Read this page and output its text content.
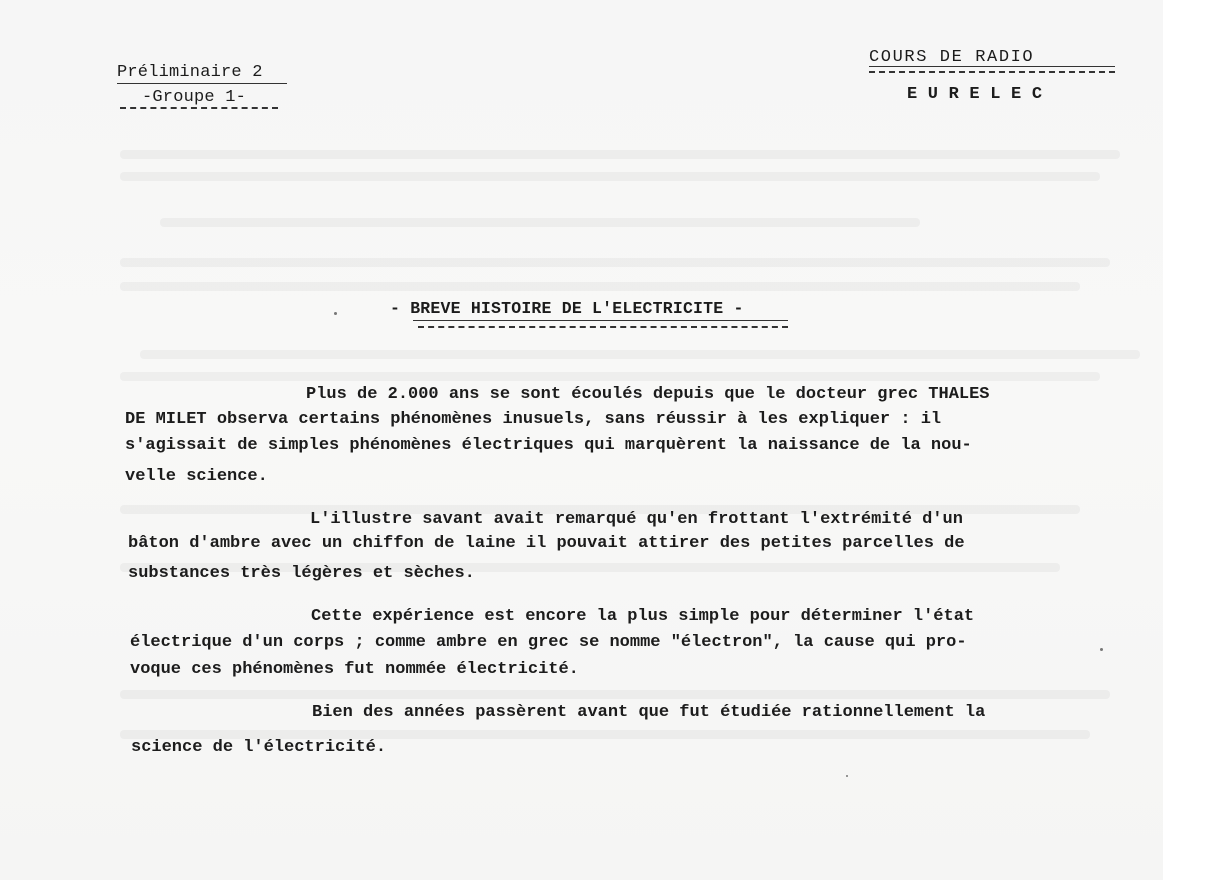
Préliminaire 2
-Groupe 1-
COURS DE RADIO
E U R E L E C
- BREVE HISTOIRE DE L'ELECTRICITE -
Plus de 2.000 ans se sont écoulés depuis que le docteur grec THALES
DE MILET observa certains phénomènes inusuels, sans réussir à les expliquer : il
s'agissait de simples phénomènes électriques qui marquèrent la naissance de la nou-
velle science.
L'illustre savant avait remarqué qu'en frottant l'extrémité d'un
bâton d'ambre avec un chiffon de laine il pouvait attirer des petites parcelles de
substances très légères et sèches.
Cette expérience est encore la plus simple pour déterminer l'état
électrique d'un corps ; comme ambre en grec se nomme "électron", la cause qui pro-
voque ces phénomènes fut nommée électricité.
Bien des années passèrent avant que fut étudiée rationnellement la
science de l'électricité.
